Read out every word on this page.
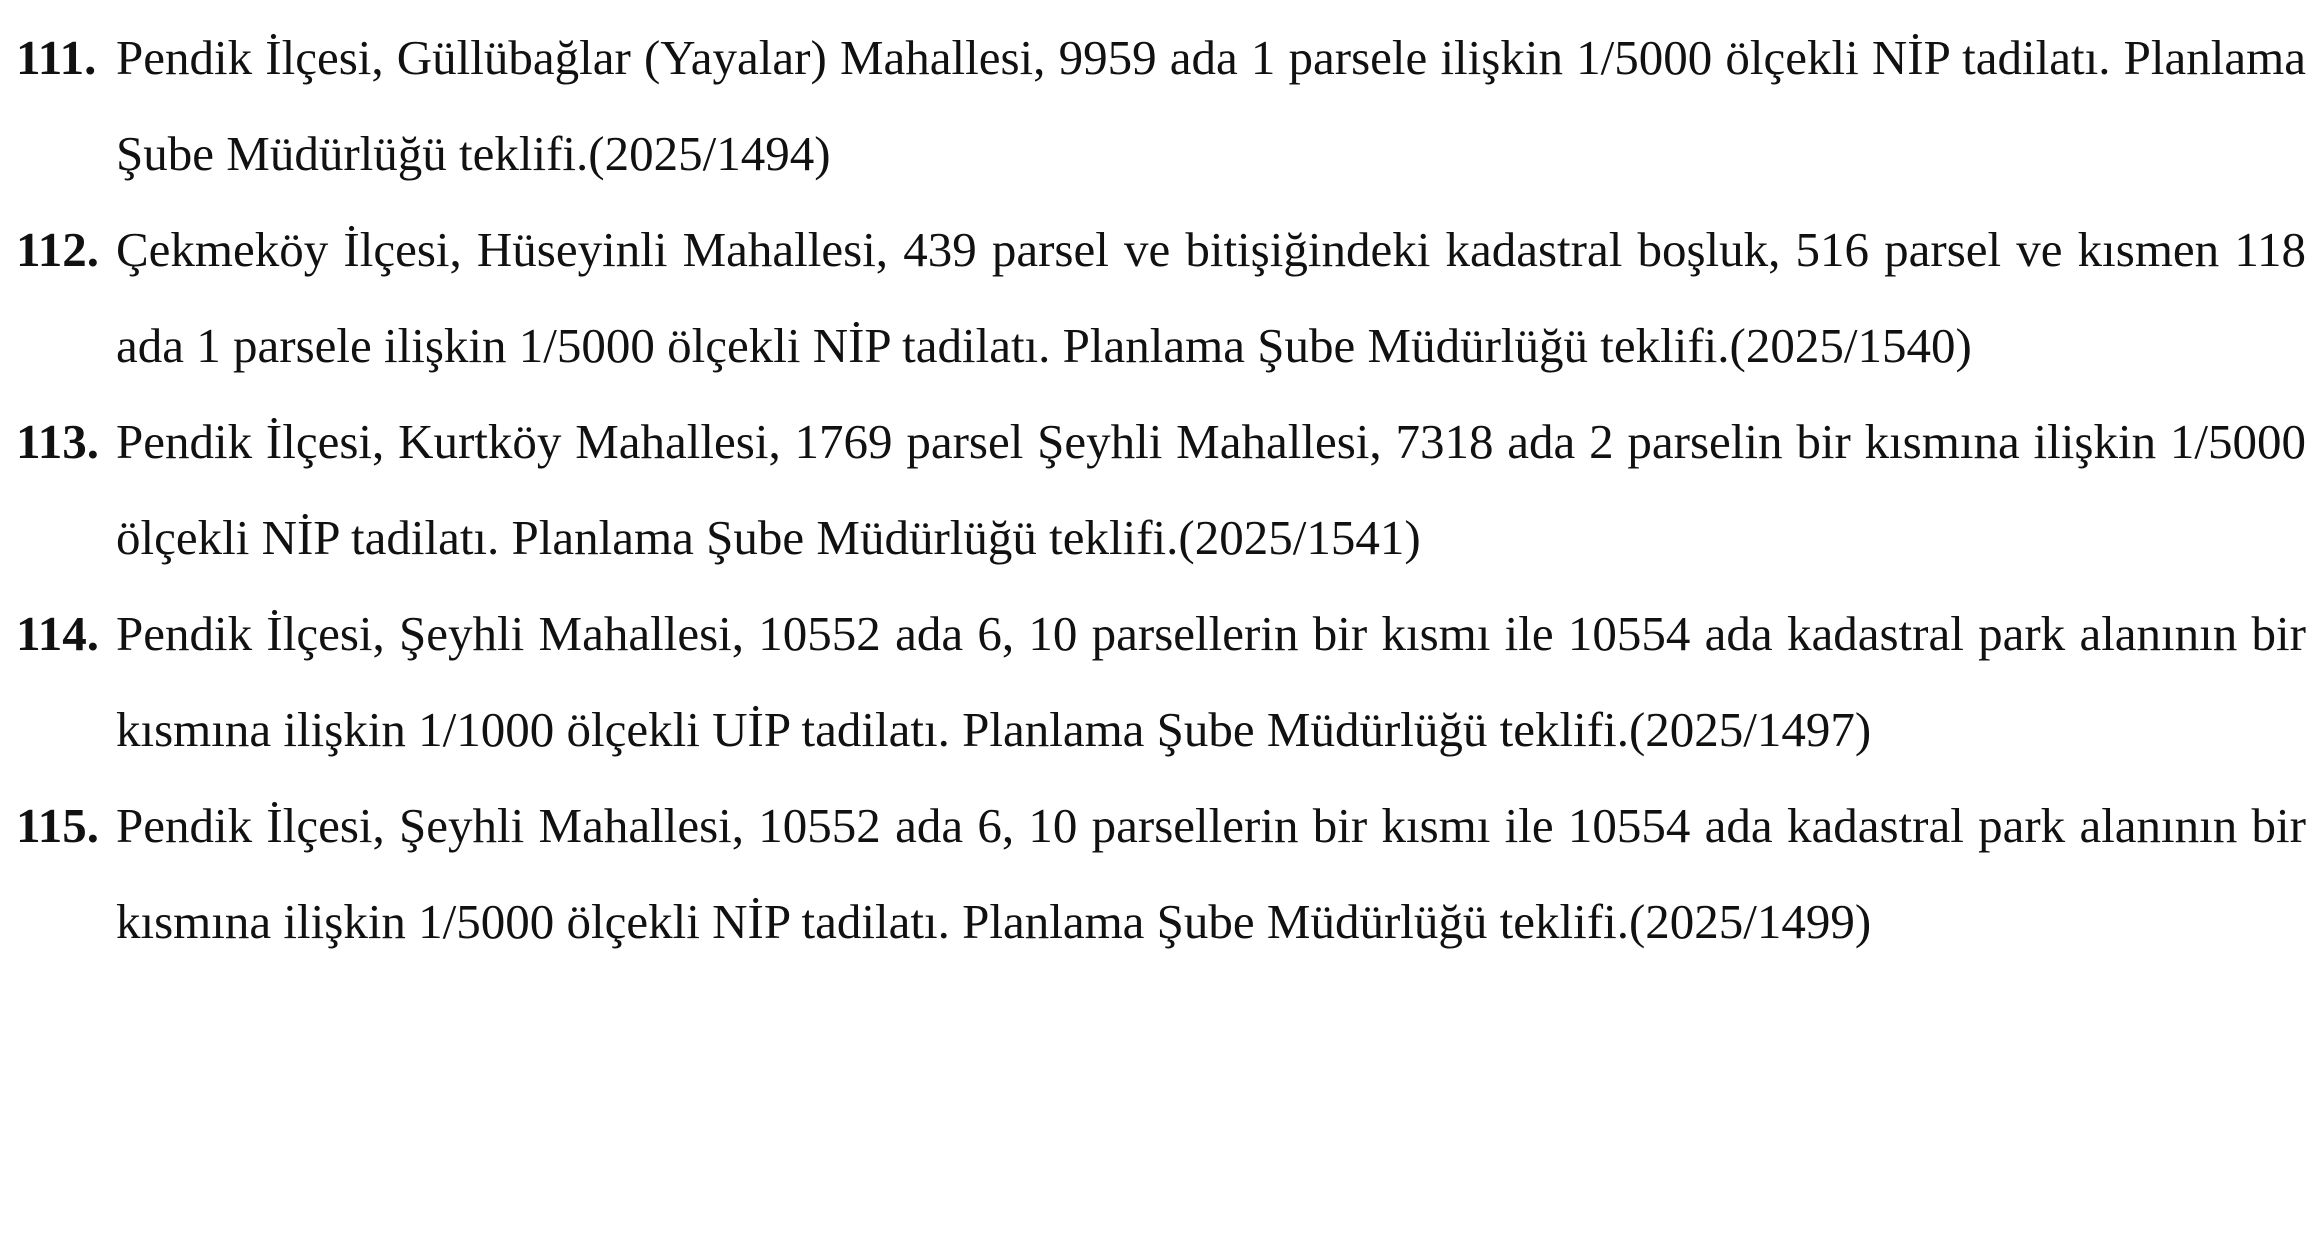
111. Pendik İlçesi, Güllübağlar (Yayalar) Mahallesi, 9959 ada 1 parsele ilişkin 1/5000 ölçekli NİP tadilatı. Planlama Şube Müdürlüğü teklifi.(2025/1494)
112. Çekmeköy İlçesi, Hüseyinli Mahallesi, 439 parsel ve bitişiğindeki kadastral boşluk, 516 parsel ve kısmen 118 ada 1 parsele ilişkin 1/5000 ölçekli NİP tadilatı. Planlama Şube Müdürlüğü teklifi.(2025/1540)
113. Pendik İlçesi, Kurtköy Mahallesi, 1769 parsel Şeyhli Mahallesi, 7318 ada 2 parselin bir kısmına ilişkin 1/5000 ölçekli NİP tadilatı. Planlama Şube Müdürlüğü teklifi.(2025/1541)
114. Pendik İlçesi, Şeyhli Mahallesi, 10552 ada 6, 10 parsellerin bir kısmı ile 10554 ada kadastral park alanının bir kısmına ilişkin 1/1000 ölçekli UİP tadilatı. Planlama Şube Müdürlüğü teklifi.(2025/1497)
115. Pendik İlçesi, Şeyhli Mahallesi, 10552 ada 6, 10 parsellerin bir kısmı ile 10554 ada kadastral park alanının bir kısmına ilişkin 1/5000 ölçekli NİP tadilatı. Planlama Şube Müdürlüğü teklifi.(2025/1499)
